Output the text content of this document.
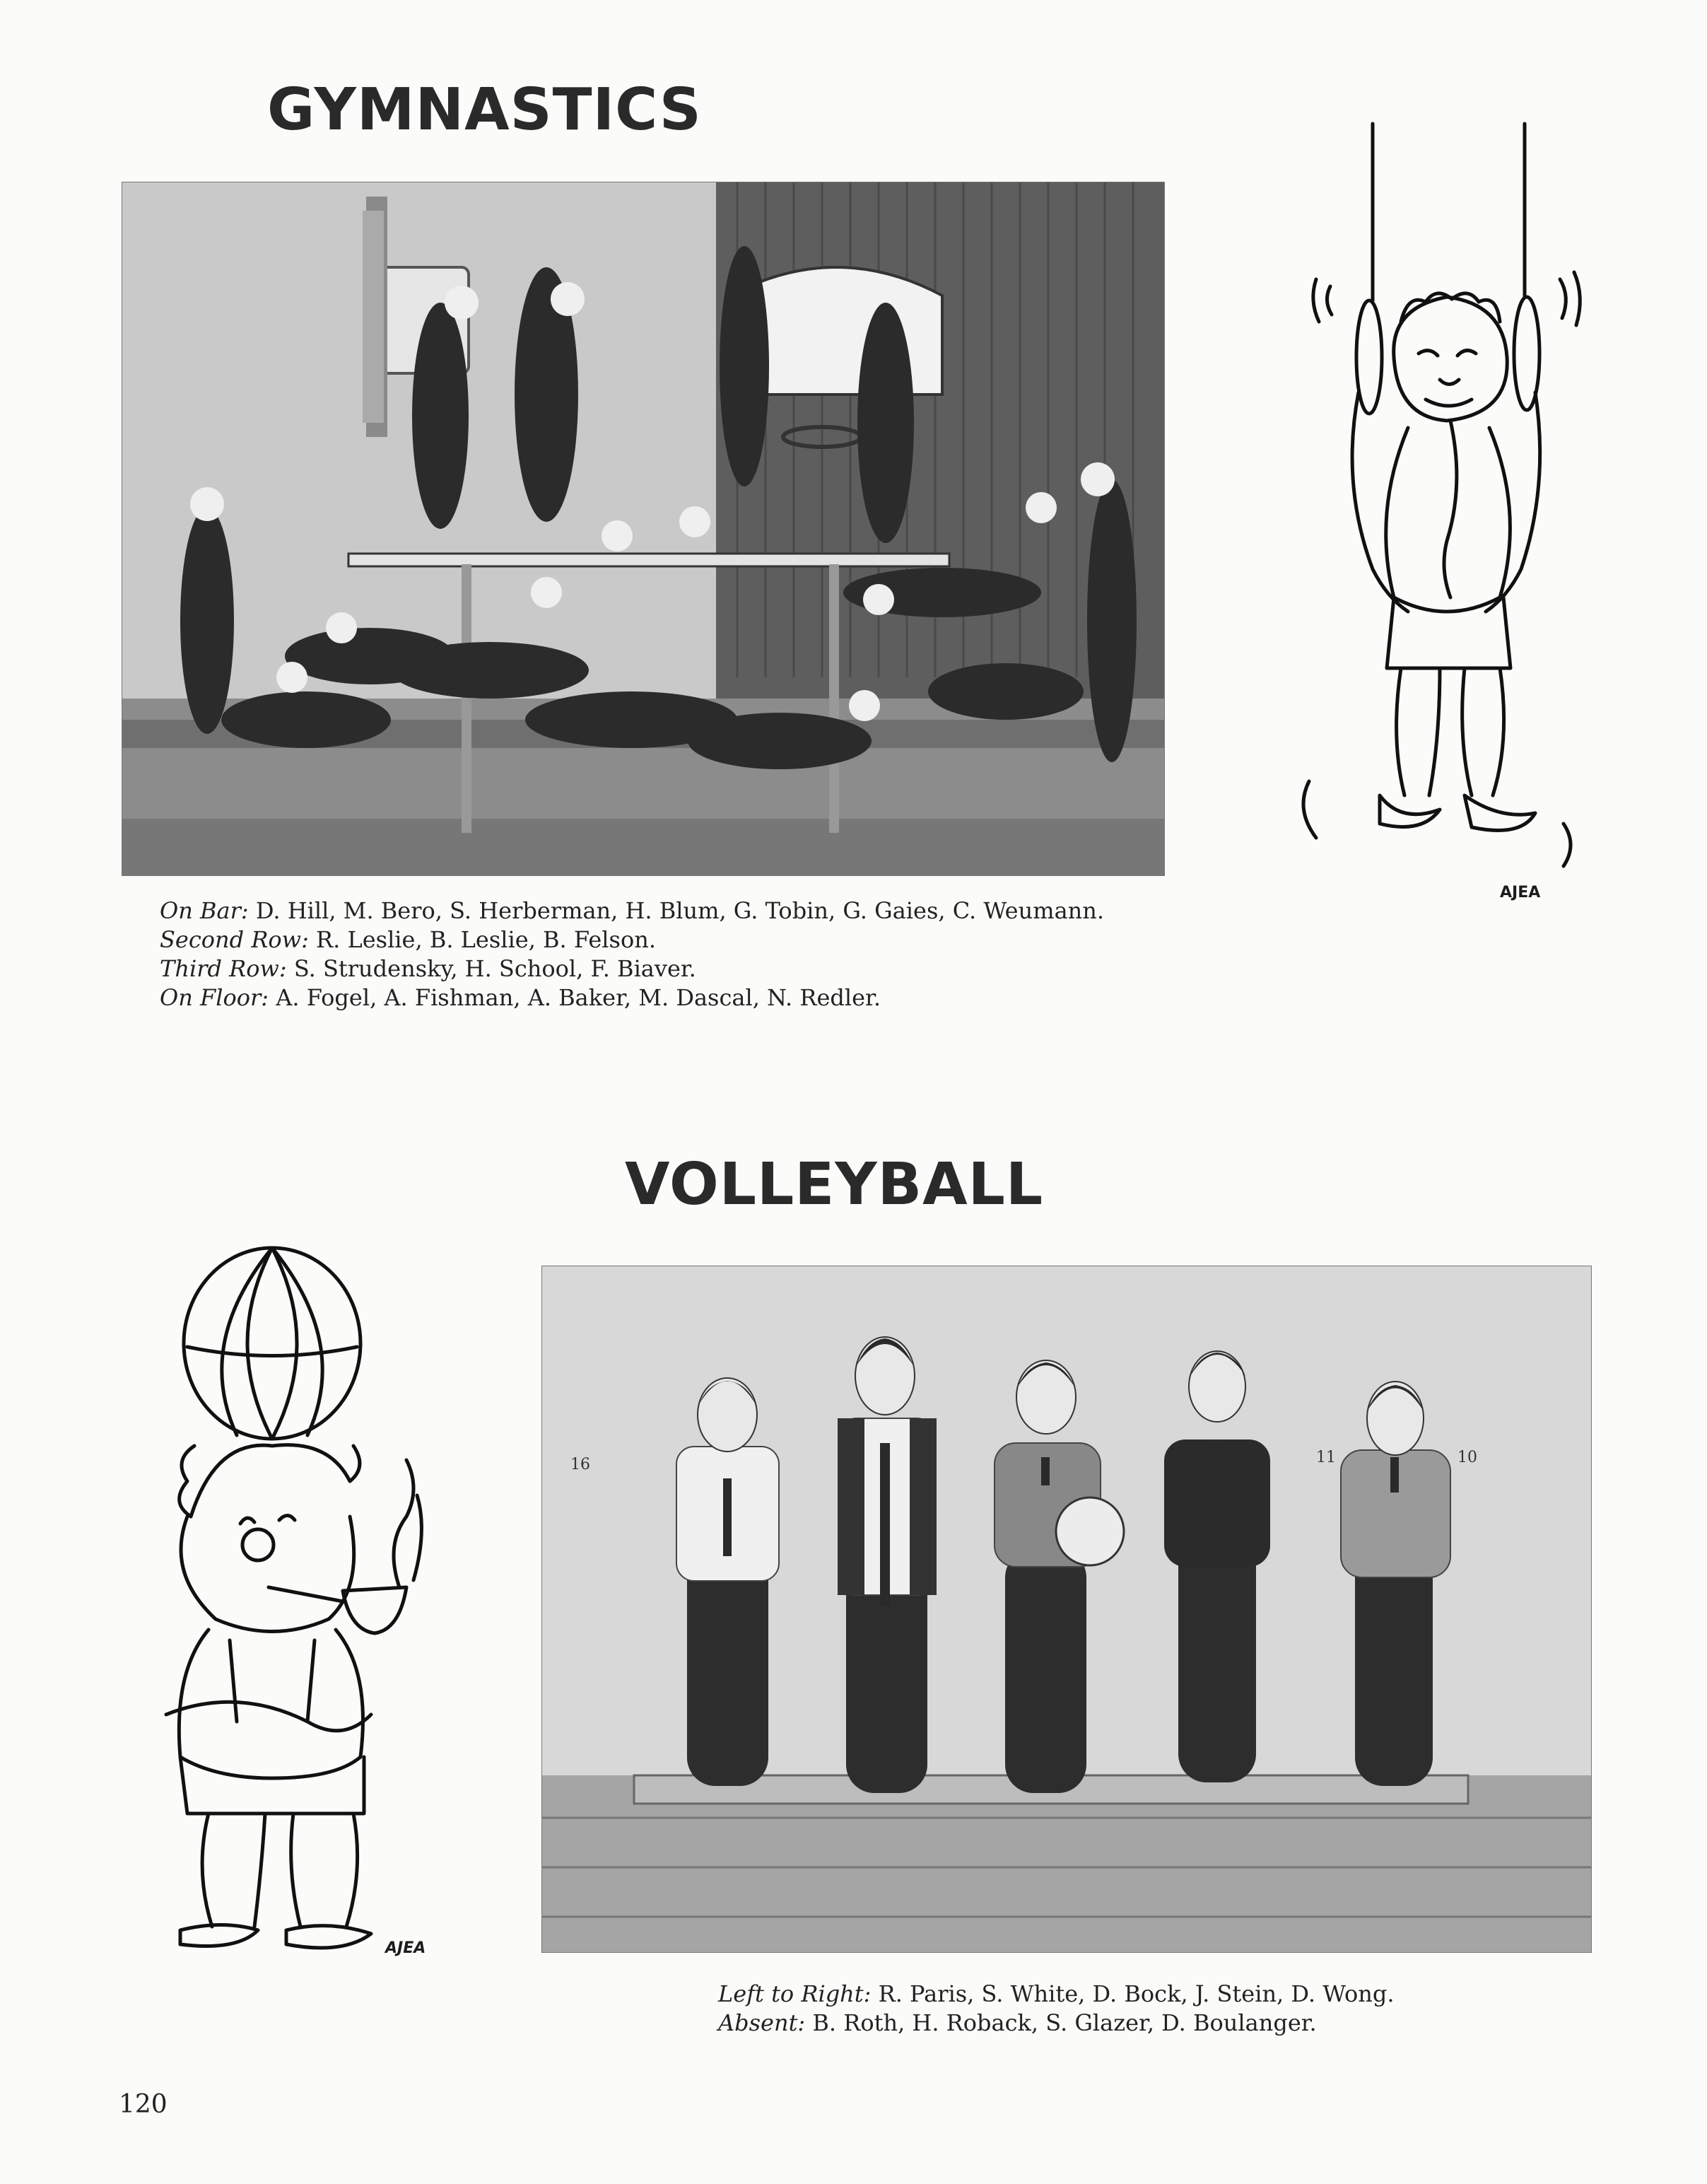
GYMNASTICS
On Bar: D. Hill, M. Bero, S. Herberman, H. Blum, G. Tobin, G. Gaies, C. Weumann.
Second Row: R. Leslie, B. Leslie, B. Felson.
Third Row: S. Strudensky, H. School, F. Biaver.
On Floor: A. Fogel, A. Fishman, A. Baker, M. Dascal, N. Redler.
AJEA
VOLLEYBALL
AJEA
16	11	10
Left to Right: R. Paris, S. White, D. Bock, J. Stein, D. Wong.
Absent: B. Roth, H. Roback, S. Glazer, D. Boulanger.
120
